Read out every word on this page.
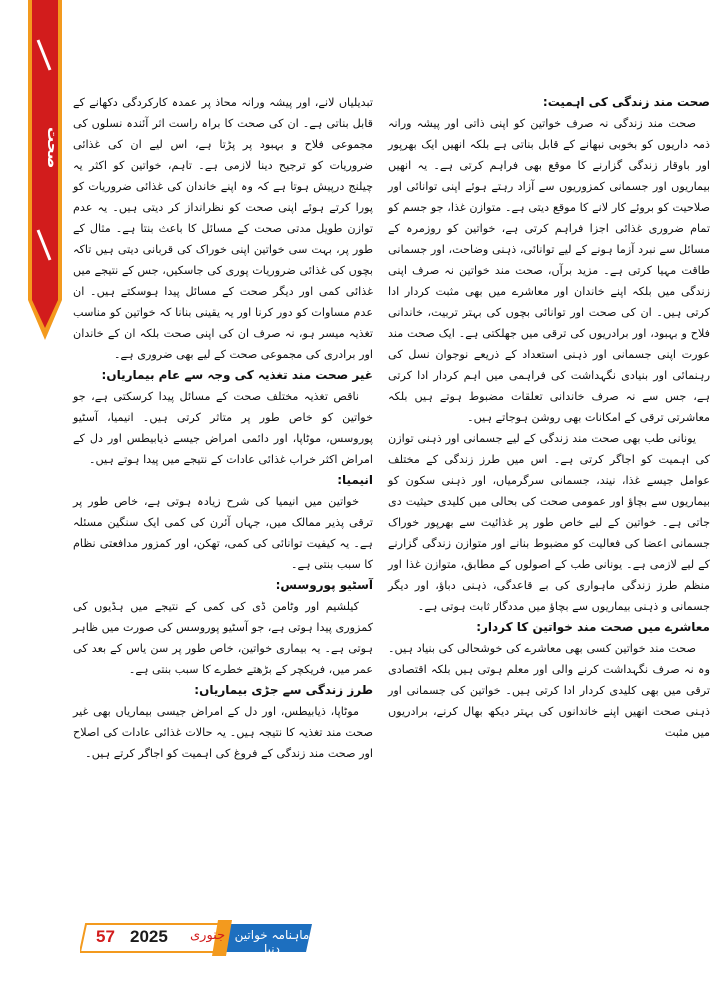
صحت
صحت مند زندگی کی اہمیت:

صحت مند زندگی نہ صرف خواتین کو اپنی ذاتی اور پیشہ ورانہ ذمہ داریوں کو بخوبی نبھانے کے قابل بناتی ہے بلکہ انھیں ایک بھرپور اور باوقار زندگی گزارنے کا موقع بھی فراہم کرتی ہے۔ یہ انھیں بیماریوں اور جسمانی کمزوریوں سے آزاد رہتے ہوئے اپنی توانائی اور صلاحیت کو بروئے کار لانے کا موقع دیتی ہے۔ متوازن غذا، جو جسم کو تمام ضروری غذائی اجزا فراہم کرتی ہے، خواتین کو روزمرہ کے مسائل سے نبرد آزما ہونے کے لیے توانائی، ذہنی وضاحت، اور جسمانی طاقت مہیا کرتی ہے۔ مزید برآں، صحت مند خواتین نہ صرف اپنی زندگی میں بلکہ اپنے خاندان اور معاشرے میں بھی مثبت کردار ادا کرتی ہیں۔ ان کی صحت اور توانائی بچوں کی بہتر تربیت، خاندانی فلاح و بہبود، اور برادریوں کی ترقی میں جھلکتی ہے۔ ایک صحت مند عورت اپنی جسمانی اور ذہنی استعداد کے ذریعے نوجوان نسل کی رہنمائی اور بنیادی نگہداشت کی فراہمی میں اہم کردار ادا کرتی ہے، جس سے نہ صرف خاندانی تعلقات مضبوط ہوتے ہیں بلکہ معاشرتی ترقی کے امکانات بھی روشن ہوجاتے ہیں۔

یونانی طب بھی صحت مند زندگی کے لیے جسمانی اور ذہنی توازن کی اہمیت کو اجاگر کرتی ہے۔ اس میں طرز زندگی کے مختلف عوامل جیسے غذا، نیند، جسمانی سرگرمیاں، اور ذہنی سکون کو بیماریوں سے بچاؤ اور عمومی صحت کی بحالی میں کلیدی حیثیت دی جاتی ہے۔ خواتین کے لیے خاص طور پر غذائیت سے بھرپور خوراک جسمانی اعضا کی فعالیت کو مضبوط بنانے اور متوازن زندگی گزارنے کے لیے لازمی ہے۔ یونانی طب کے اصولوں کے مطابق، متوازن غذا اور منظم طرز زندگی ماہواری کی بے قاعدگی، ذہنی دباؤ، اور دیگر جسمانی و ذہنی بیماریوں سے بچاؤ میں مددگار ثابت ہوتی ہے۔

معاشرے میں صحت مند خواتین کا کردار:

صحت مند خواتین کسی بھی معاشرے کی خوشحالی کی بنیاد ہیں۔ وہ نہ صرف نگہداشت کرنے والی اور معلم ہوتی ہیں بلکہ اقتصادی ترقی میں بھی کلیدی کردار ادا کرتی ہیں۔ خواتین کی جسمانی اور ذہنی صحت انھیں اپنے خاندانوں کی بہتر دیکھ بھال کرنے، برادریوں میں مثبت

تبدیلیاں لانے، اور پیشہ ورانہ محاذ پر عمدہ کارکردگی دکھانے کے قابل بناتی ہے۔ ان کی صحت کا براہ راست اثر آئندہ نسلوں کی مجموعی فلاح و بہبود پر پڑتا ہے، اس لیے ان کی غذائی ضروریات کو ترجیح دینا لازمی ہے۔ تاہم، خواتین کو اکثر یہ چیلنج درپیش ہوتا ہے کہ وہ اپنے خاندان کی غذائی ضروریات کو پورا کرتے ہوئے اپنی صحت کو نظرانداز کر دیتی ہیں۔ یہ عدم توازن طویل مدتی صحت کے مسائل کا باعث بنتا ہے۔ مثال کے طور پر، بہت سی خواتین اپنی خوراک کی قربانی دیتی ہیں تاکہ بچوں کی غذائی ضروریات پوری کی جاسکیں، جس کے نتیجے میں غذائی کمی اور دیگر صحت کے مسائل پیدا ہوسکتے ہیں۔ ان عدم مساوات کو دور کرنا اور یہ یقینی بنانا کہ خواتین کو مناسب تغذیہ میسر ہو، نہ صرف ان کی اپنی صحت بلکہ ان کے خاندان اور برادری کی مجموعی صحت کے لیے بھی ضروری ہے۔

غیر صحت مند تغذیہ کی وجہ سے عام بیماریاں:

ناقص تغذیہ مختلف صحت کے مسائل پیدا کرسکتی ہے، جو خواتین کو خاص طور پر متاثر کرتی ہیں۔ انیمیا، آسٹیو پوروسس، موٹاپا، اور دائمی امراض جیسے ذیابیطس اور دل کے امراض اکثر خراب غذائی عادات کے نتیجے میں پیدا ہوتے ہیں۔

انیمیا:

خواتین میں انیمیا کی شرح زیادہ ہوتی ہے، خاص طور پر ترقی پذیر ممالک میں، جہاں آئرن کی کمی ایک سنگین مسئلہ ہے۔ یہ کیفیت توانائی کی کمی، تھکن، اور کمزور مدافعتی نظام کا سبب بنتی ہے۔

آسٹیو پوروسس:

کیلشیم اور وٹامن ڈی کی کمی کے نتیجے میں ہڈیوں کی کمزوری پیدا ہوتی ہے، جو آسٹیو پوروسس کی صورت میں ظاہر ہوتی ہے۔ یہ بیماری خواتین، خاص طور پر سن یاس کے بعد کی عمر میں، فریکچر کے بڑھتے خطرے کا سبب بنتی ہے۔

طرز زندگی سے جڑی بیماریاں:

موٹاپا، ذیابیطس، اور دل کے امراض جیسی بیماریاں بھی غیر صحت مند تغذیہ کا نتیجہ ہیں۔ یہ حالات غذائی عادات کی اصلاح اور صحت مند زندگی کے فروغ کی اہمیت کو اجاگر کرتے ہیں۔

57 2025 جنوری ماہنامہ خواتین دنیا
